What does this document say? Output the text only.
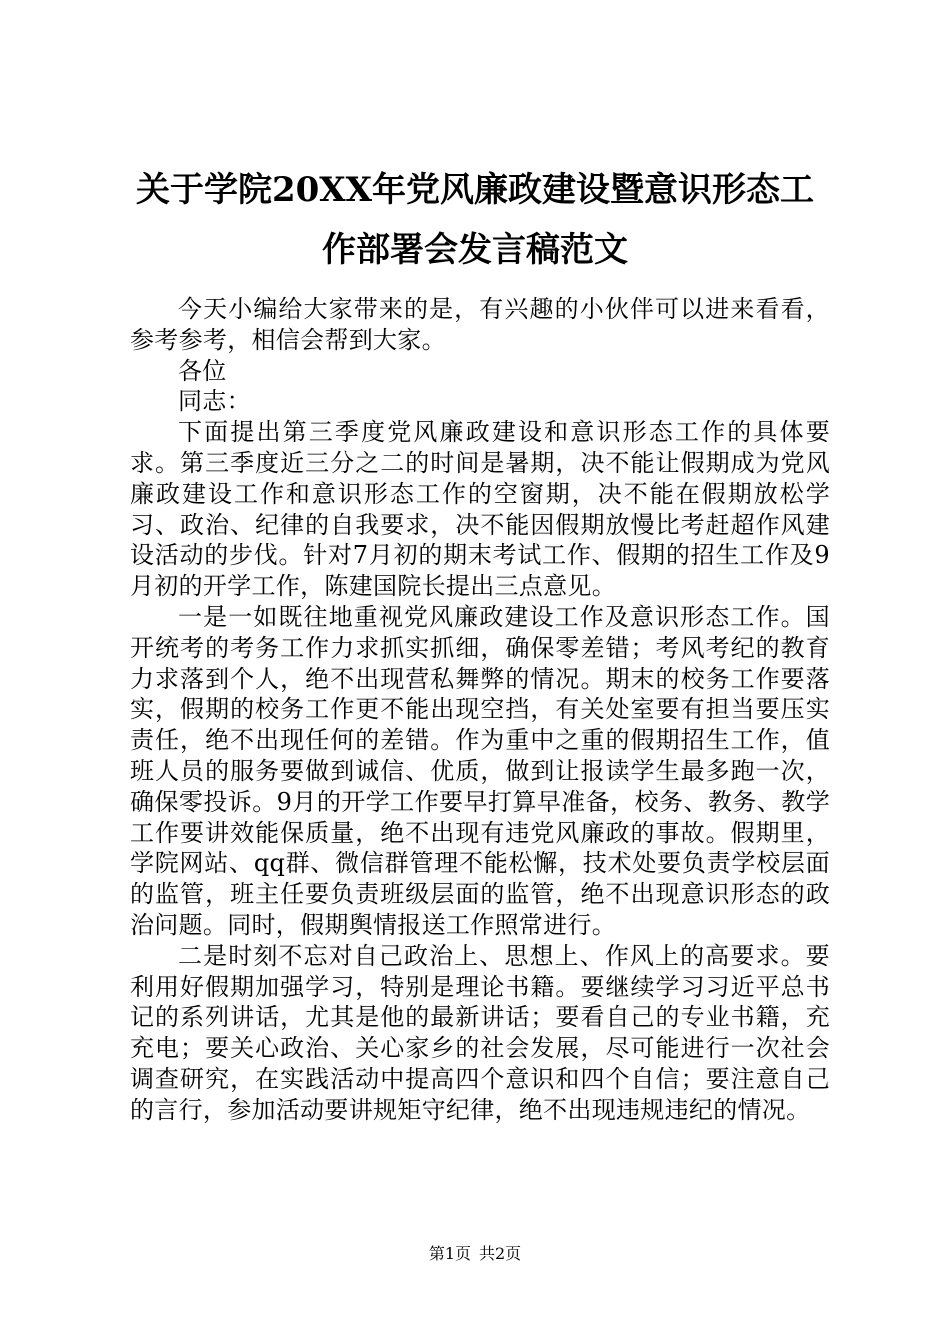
关于学院20XX年党风廉政建设暨意识形态工
作部署会发言稿范文

今天小编给大家带来的是，有兴趣的小伙伴可以进来看看，参考参考，相信会帮到大家。

各位

同志：

下面提出第三季度党风廉政建设和意识形态工作的具体要求。第三季度近三分之二的时间是暑期，决不能让假期成为党风廉政建设工作和意识形态工作的空窗期，决不能在假期放松学习、政治、纪律的自我要求，决不能因假期放慢比考赶超作风建设活动的步伐。针对7月初的期末考试工作、假期的招生工作及9月初的开学工作，陈建国院长提出三点意见。

一是一如既往地重视党风廉政建设工作及意识形态工作。国开统考的考务工作力求抓实抓细，确保零差错；考风考纪的教育力求落到个人，绝不出现营私舞弊的情况。期末的校务工作要落实，假期的校务工作更不能出现空挡，有关处室要有担当要压实责任，绝不出现任何的差错。作为重中之重的假期招生工作，值班人员的服务要做到诚信、优质，做到让报读学生最多跑一次，确保零投诉。9月的开学工作要早打算早准备，校务、教务、教学工作要讲效能保质量，绝不出现有违党风廉政的事故。假期里，学院网站、qq群、微信群管理不能松懈，技术处要负责学校层面的监管，班主任要负责班级层面的监管，绝不出现意识形态的政治问题。同时，假期舆情报送工作照常进行。

二是时刻不忘对自己政治上、思想上、作风上的高要求。要利用好假期加强学习，特别是理论书籍。要继续学习习近平总书记的系列讲话，尤其是他的最新讲话；要看自己的专业书籍，充充电；要关心政治、关心家乡的社会发展，尽可能进行一次社会调查研究，在实践活动中提高四个意识和四个自信；要注意自己的言行，参加活动要讲规矩守纪律，绝不出现违规违纪的情况。

第1页 共2页
